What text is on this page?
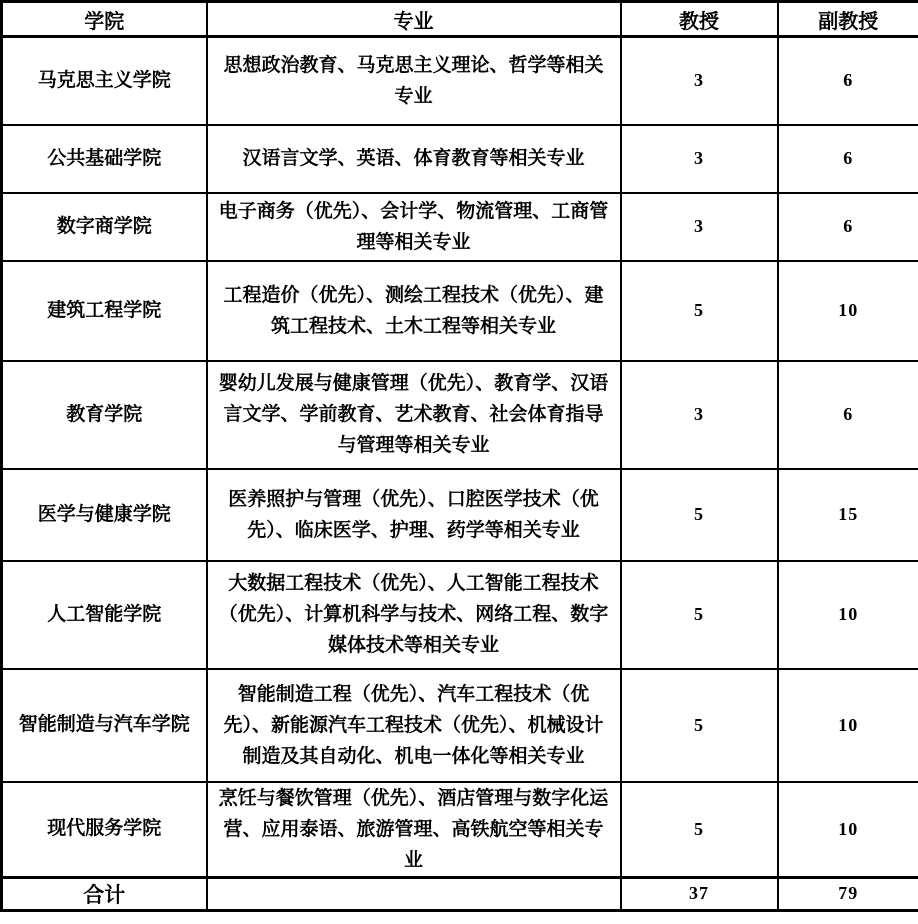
学院	专业	教授	副教授
马克思主义学院	思想政治教育、马克思主义理论、哲学等相关专业	3	6
公共基础学院	汉语言文学、英语、体育教育等相关专业	3	6
数字商学院	电子商务（优先）、会计学、物流管理、工商管理等相关专业	3	6
建筑工程学院	工程造价（优先）、测绘工程技术（优先）、建筑工程技术、土木工程等相关专业	5	10
教育学院	婴幼儿发展与健康管理（优先）、教育学、汉语言文学、学前教育、艺术教育、社会体育指导与管理等相关专业	3	6
医学与健康学院	医养照护与管理（优先）、口腔医学技术（优先）、临床医学、护理、药学等相关专业	5	15
人工智能学院	大数据工程技术（优先）、人工智能工程技术（优先）、计算机科学与技术、网络工程、数字媒体技术等相关专业	5	10
智能制造与汽车学院	智能制造工程（优先）、汽车工程技术（优先）、新能源汽车工程技术（优先）、机械设计制造及其自动化、机电一体化等相关专业	5	10
现代服务学院	烹饪与餐饮管理（优先）、酒店管理与数字化运营、应用泰语、旅游管理、高铁航空等相关专业	5	10
合计		37	79
